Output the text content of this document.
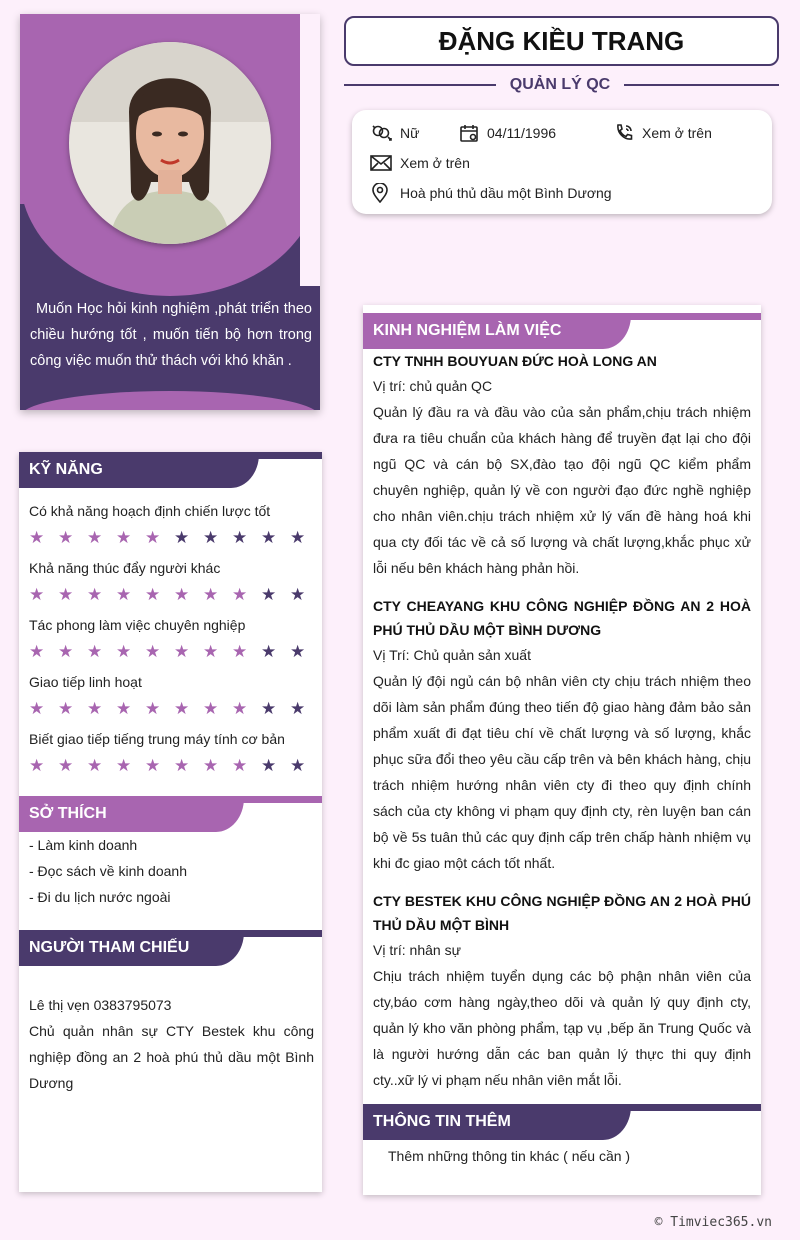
Muốn Học hỏi kinh nghiệm ,phát triển theo chiều hướng tốt , muốn tiến bộ hơn trong công việc muốn thử thách với khó khăn .
ĐẶNG KIỀU TRANG
QUẢN LÝ QC
Nữ	04/11/1996	Xem ở trên
Xem ở trên
Hoà phú thủ dầu một Bình Dương
KỸ NĂNG
Có khả năng hoạch định chiến lược tốt
★ ★ ★ ★ ★ ★ ★ ★ ★ ★
Khả năng thúc đẩy người khác
★ ★ ★ ★ ★ ★ ★ ★ ★ ★
Tác phong làm việc chuyên nghiệp
★ ★ ★ ★ ★ ★ ★ ★ ★ ★
Giao tiếp linh hoạt
★ ★ ★ ★ ★ ★ ★ ★ ★ ★
Biết giao tiếp tiếng trung máy tính cơ bản
★ ★ ★ ★ ★ ★ ★ ★ ★ ★
SỞ THÍCH
- Làm kinh doanh
- Đọc sách về kinh doanh
- Đi du lịch nước ngoài
NGƯỜI THAM CHIẾU
Lê thị vẹn 0383795073
Chủ quản nhân sự CTY Bestek khu công nghiệp đồng an 2 hoà phú thủ dầu một Bình Dương
KINH NGHIỆM LÀM VIỆC
CTY TNHH BOUYUAN ĐỨC HOÀ LONG AN
Vị trí: chủ quản QC
Quản lý đầu ra và đầu vào của sản phẩm,chịu trách nhiệm đưa ra tiêu chuẩn của khách hàng để truyền đạt lại cho đội ngũ QC và cán bộ SX,đào tạo đội ngũ QC kiểm phẩm chuyên nghiệp, quản lý về con người đạo đức nghề nghiệp cho nhân viên.chịu trách nhiệm xử lý vấn đề hàng hoá khi qua cty đối tác về cả số lượng và chất lượng,khắc phục xử lỗi nếu bên khách hàng phản hồi.
CTY CHEAYANG KHU CÔNG NGHIỆP ĐỒNG AN 2 HOÀ PHÚ THỦ DẦU MỘT BÌNH DƯƠNG
Vị Trí: Chủ quản sản xuất
Quản lý đội ngủ cán bộ nhân viên cty chịu trách nhiệm theo dõi làm sản phẩm đúng theo tiến độ giao hàng đảm bảo sản phẩm xuất đi đạt tiêu chí về chất lượng và số lượng, khắc phục sữa đổi theo yêu cầu cấp trên và bên khách hàng, chịu trách nhiệm hướng nhân viên cty đi theo quy định chính sách của cty không vi phạm quy định cty, rèn luyện ban cán bộ về 5s tuân thủ các quy định cấp trên chấp hành nhiệm vụ khi đc giao một cách tốt nhất.
CTY BESTEK KHU CÔNG NGHIỆP ĐỒNG AN 2 HOÀ PHÚ THỦ DẦU MỘT BÌNH
Vị trí: nhân sự
Chịu trách nhiệm tuyển dụng các bộ phận nhân viên của cty,báo cơm hàng ngày,theo dõi và quản lý quy định cty, quản lý kho văn phòng phẩm, tạp vụ ,bếp ăn Trung Quốc và là người hướng dẫn các ban quản lý thực thi quy định cty..xữ lý vi phạm nếu nhân viên mắt lỗi.
THÔNG TIN THÊM
Thêm những thông tin khác ( nếu cần )
© Timviec365.vn
